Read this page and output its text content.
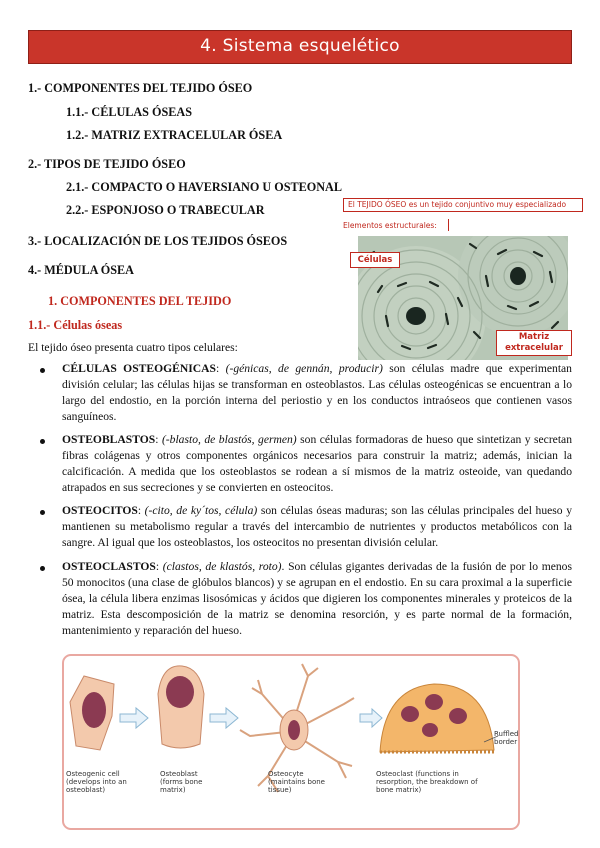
4. Sistema esquelético
1.- COMPONENTES DEL TEJIDO ÓSEO
1.1.- CÉLULAS ÓSEAS
1.2.- MATRIZ EXTRACELULAR ÓSEA
2.- TIPOS DE TEJIDO ÓSEO
2.1.- COMPACTO O HAVERSIANO U OSTEONAL
2.2.- ESPONJOSO O TRABECULAR
3.- LOCALIZACIÓN DE LOS TEJIDOS ÓSEOS
4.- MÉDULA ÓSEA
1. COMPONENTES DEL TEJIDO
1.1.- Células óseas
El tejido óseo presenta cuatro tipos celulares:
El TEJIDO ÓSEO es un tejido conjuntivo muy especializado
Elementos estructurales:
Células
Matriz extracelular
CÉLULAS OSTEOGÉNICAS: (-génicas, de gennán, producir) son células madre que experimentan división celular; las células hijas se transforman en osteoblastos. Las células osteogénicas se encuentran a lo largo del endostio, en la porción interna del periostio y en los conductos intraóseos que contienen vasos sanguíneos.
OSTEOBLASTOS: (-blasto, de blastós, germen) son células formadoras de hueso que sintetizan y secretan fibras colágenas y otros componentes orgánicos necesarios para construir la matriz; además, inician la calcificación. A medida que los osteoblastos se rodean a sí mismos de la matriz osteoide, van quedando atrapados en sus secreciones y se convierten en osteocitos.
OSTEOCITOS: (-cito, de ky´tos, célula) son células óseas maduras; son las células principales del hueso y mantienen su metabolismo regular a través del intercambio de nutrientes y productos metabólicos con la sangre. Al igual que los osteoblastos, los osteocitos no presentan división celular.
OSTEOCLASTOS: (clastos, de klastós, roto). Son células gigantes derivadas de la fusión de por lo menos 50 monocitos (una clase de glóbulos blancos) y se agrupan en el endostio. En su cara proximal a la superficie ósea, la célula libera enzimas lisosómicas y ácidos que digieren los componentes minerales y proteicos de la matriz. Esta descomposición de la matriz se denomina resorción, y es parte normal de la formación, mantenimiento y reparación del hueso.
Osteogenic cell (develops into an osteoblast)
Osteoblast (forms bone matrix)
Osteocyte (maintains bone tissue)
Osteoclast (functions in resorption, the breakdown of bone matrix)
Ruffled border
